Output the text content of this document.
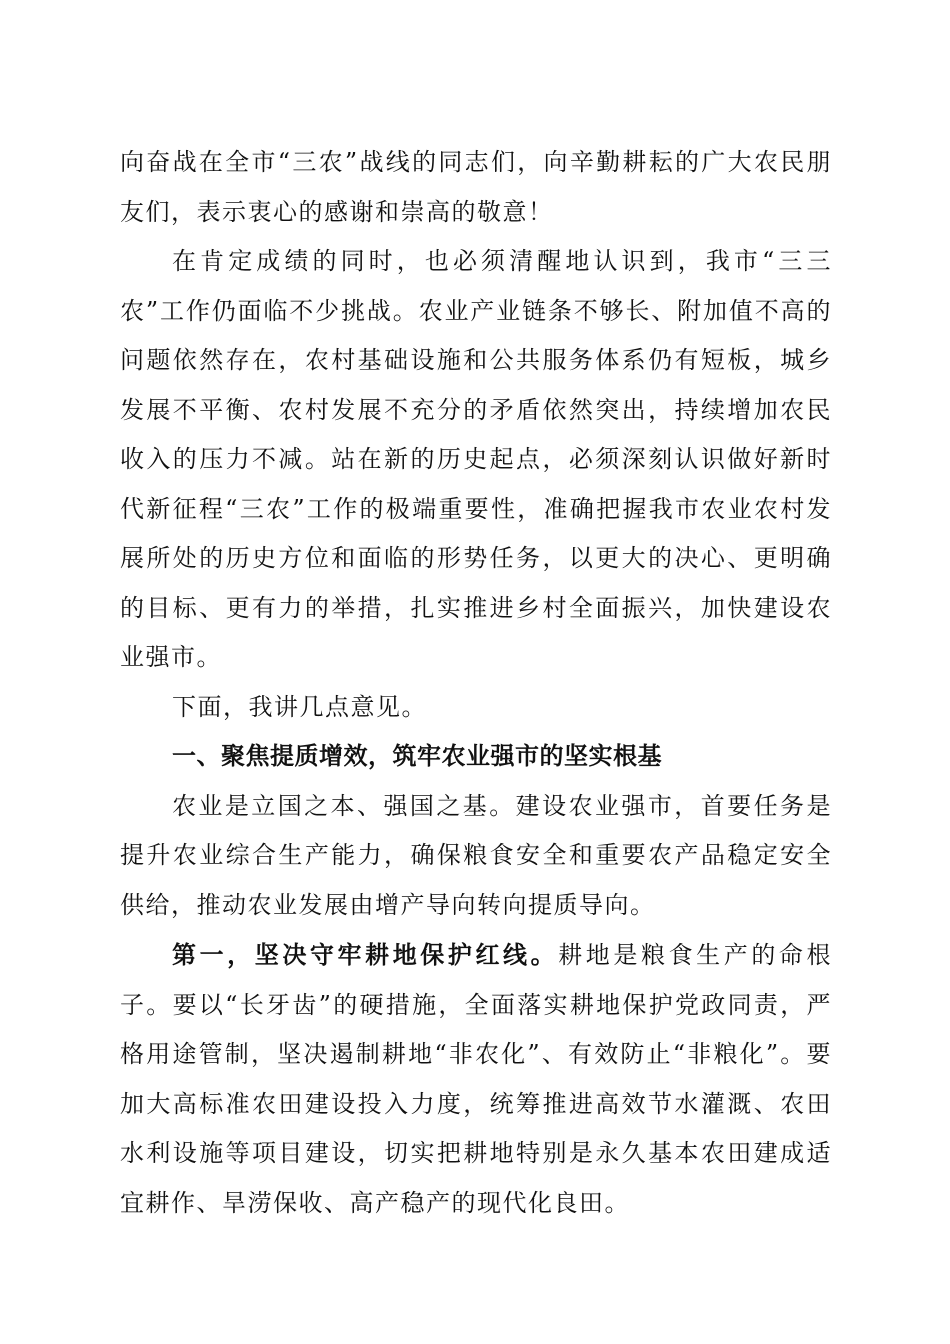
向奋战在全市“三农”战线的同志们，向辛勤耕耘的广大农民朋友们，表示衷心的感谢和崇高的敬意！

在肯定成绩的同时，也必须清醒地认识到，我市“三三农”工作仍面临不少挑战。农业产业链条不够长、附加值不高的问题依然存在，农村基础设施和公共服务体系仍有短板，城乡发展不平衡、农村发展不充分的矛盾依然突出，持续增加农民收入的压力不减。站在新的历史起点，必须深刻认识做好新时代新征程“三农”工作的极端重要性，准确把握我市农业农村发展所处的历史方位和面临的形势任务，以更大的决心、更明确的目标、更有力的举措，扎实推进乡村全面振兴，加快建设农业强市。

下面，我讲几点意见。

一、聚焦提质增效，筑牢农业强市的坚实根基

农业是立国之本、强国之基。建设农业强市，首要任务是提升农业综合生产能力，确保粮食安全和重要农产品稳定安全供给，推动农业发展由增产导向转向提质导向。

第一，坚决守牢耕地保护红线。耕地是粮食生产的命根子。要以“长牙齿”的硬措施，全面落实耕地保护党政同责，严格用途管制，坚决遏制耕地“非农化”、有效防止“非粮化”。要加大高标准农田建设投入力度，统筹推进高效节水灌溉、农田水利设施等项目建设，切实把耕地特别是永久基本农田建成适宜耕作、旱涝保收、高产稳产的现代化良田。
